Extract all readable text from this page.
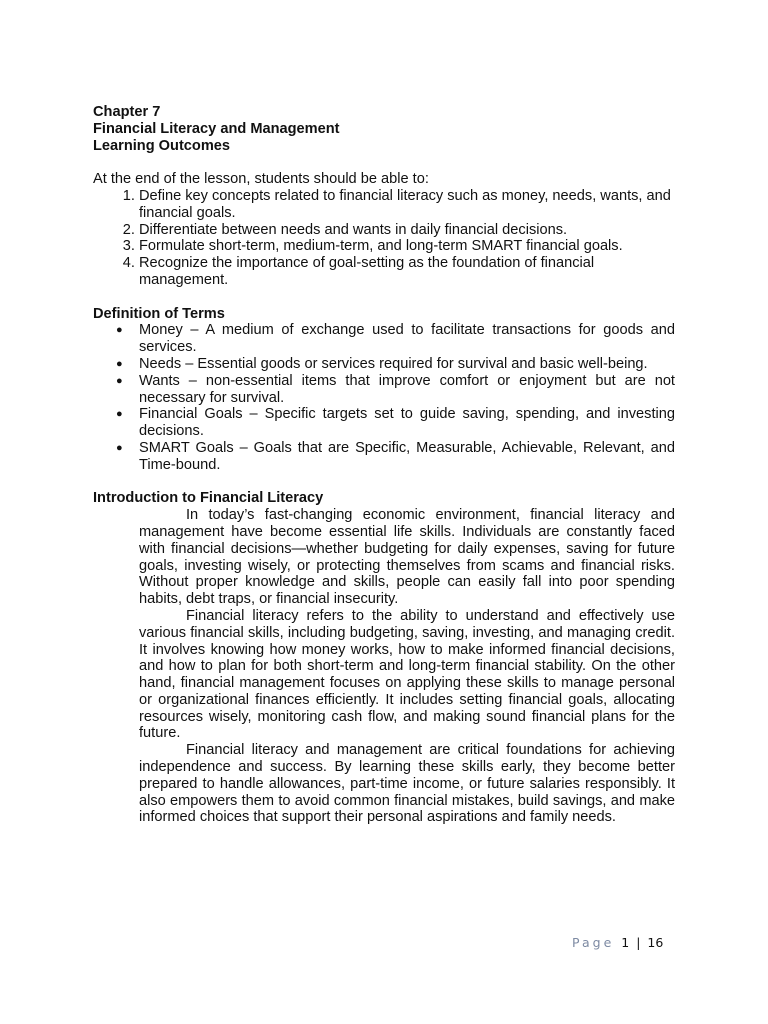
Chapter 7
Financial Literacy and Management
Learning Outcomes
At the end of the lesson, students should be able to:
1. Define key concepts related to financial literacy such as money, needs, wants, and financial goals.
2. Differentiate between needs and wants in daily financial decisions.
3. Formulate short-term, medium-term, and long-term SMART financial goals.
4. Recognize the importance of goal-setting as the foundation of financial management.
Definition of Terms
● Money – A medium of exchange used to facilitate transactions for goods and services.
● Needs – Essential goods or services required for survival and basic well-being.
● Wants – non-essential items that improve comfort or enjoyment but are not necessary for survival.
● Financial Goals – Specific targets set to guide saving, spending, and investing decisions.
● SMART Goals – Goals that are Specific, Measurable, Achievable, Relevant, and Time-bound.
Introduction to Financial Literacy

In today’s fast-changing economic environment, financial literacy and management have become essential life skills. Individuals are constantly faced with financial decisions—whether budgeting for daily expenses, saving for future goals, investing wisely, or protecting themselves from scams and financial risks. Without proper knowledge and skills, people can easily fall into poor spending habits, debt traps, or financial insecurity.

Financial literacy refers to the ability to understand and effectively use various financial skills, including budgeting, saving, investing, and managing credit. It involves knowing how money works, how to make informed financial decisions, and how to plan for both short-term and long-term financial stability. On the other hand, financial management focuses on applying these skills to manage personal or organizational finances efficiently. It includes setting financial goals, allocating resources wisely, monitoring cash flow, and making sound financial plans for the future.

Financial literacy and management are critical foundations for achieving independence and success. By learning these skills early, they become better prepared to handle allowances, part-time income, or future salaries responsibly. It also empowers them to avoid common financial mistakes, build savings, and make informed choices that support their personal aspirations and family needs.

Page 1 | 16
